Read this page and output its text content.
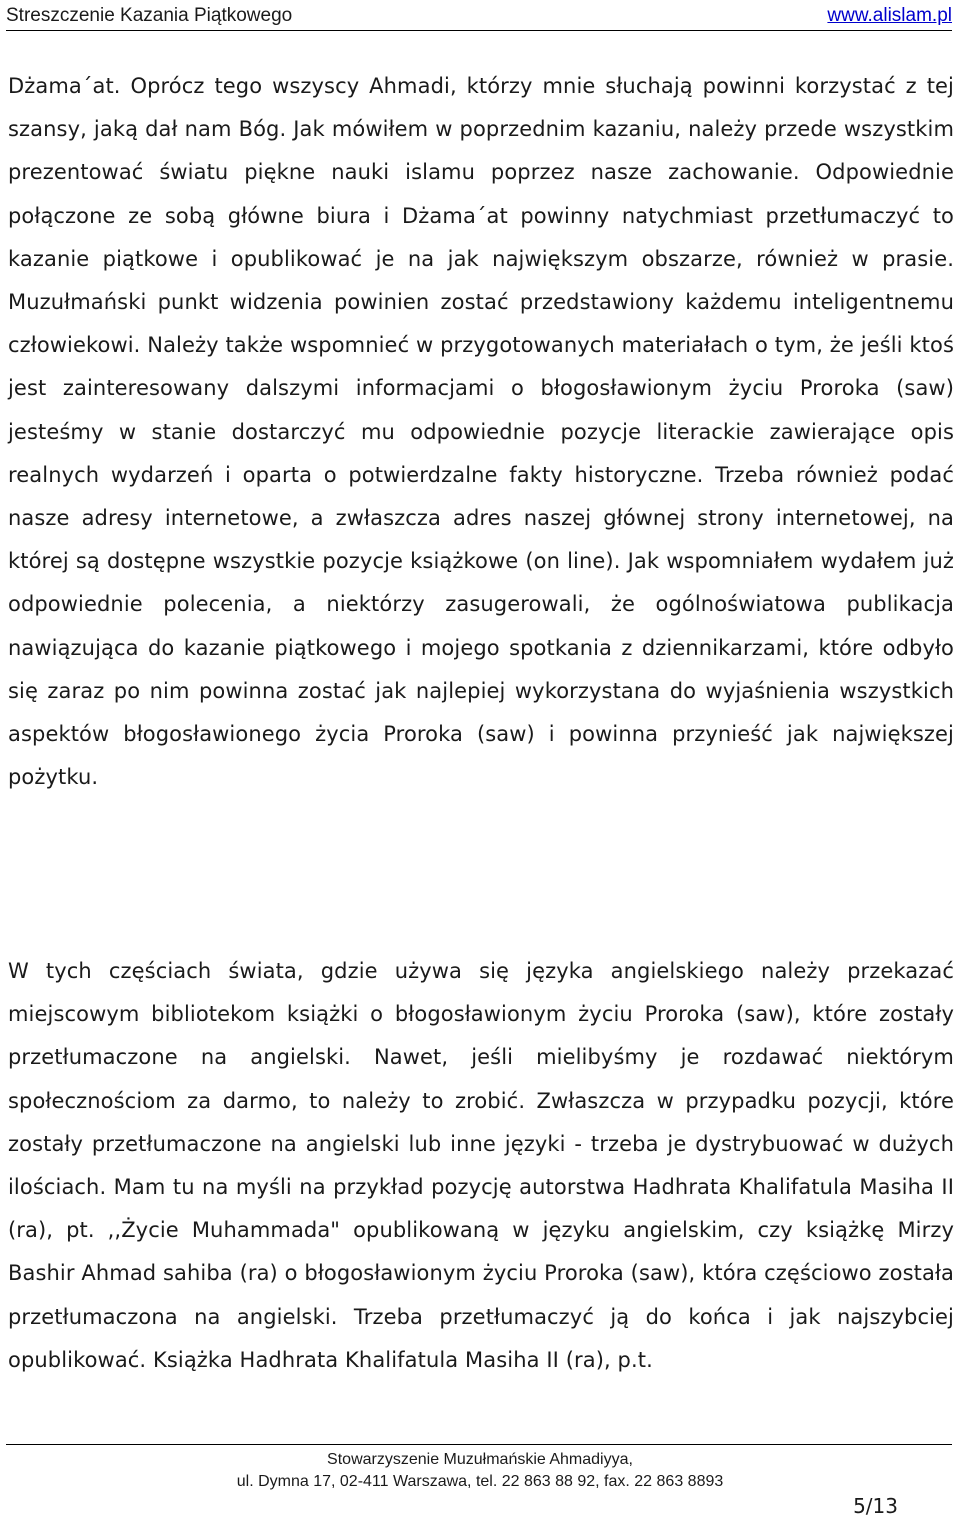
Streszczenie Kazania Piątkowego	www.alislam.pl

Dżama´at. Oprócz tego wszyscy Ahmadi, którzy mnie słuchają powinni korzystać z tej szansy, jaką dał nam Bóg. Jak mówiłem w poprzednim kazaniu, należy przede wszystkim prezentować światu piękne nauki islamu poprzez nasze zachowanie. Odpowiednie połączone ze sobą główne biura i Dżama´at powinny natychmiast przetłumaczyć to kazanie piątkowe i opublikować je na jak największym obszarze, również w prasie. Muzułmański punkt widzenia powinien zostać przedstawiony każdemu inteligentnemu człowiekowi. Należy także wspomnieć w przygotowanych materiałach o tym, że jeśli ktoś jest zainteresowany dalszymi informacjami o błogosławionym życiu Proroka (saw) jesteśmy w stanie dostarczyć mu odpowiednie pozycje literackie zawierające opis realnych wydarzeń i oparta o potwierdzalne fakty historyczne. Trzeba również podać nasze adresy internetowe, a zwłaszcza adres naszej głównej strony internetowej, na której są dostępne wszystkie pozycje książkowe (on line). Jak wspomniałem wydałem już odpowiednie polecenia, a niektórzy zasugerowali, że ogólnoświatowa publikacja nawiązująca do kazanie piątkowego i mojego spotkania z dziennikarzami, które odbyło się zaraz po nim powinna zostać jak najlepiej wykorzystana do wyjaśnienia wszystkich aspektów błogosławionego życia Proroka (saw) i powinna przynieść jak największej pożytku.

W tych częściach świata, gdzie używa się języka angielskiego należy przekazać miejscowym bibliotekom książki o błogosławionym życiu Proroka (saw), które zostały przetłumaczone na angielski. Nawet, jeśli mielibyśmy je rozdawać niektórym społecznościom za darmo, to należy to zrobić. Zwłaszcza w przypadku pozycji, które zostały przetłumaczone na angielski lub inne języki - trzeba je dystrybuować w dużych ilościach. Mam tu na myśli na przykład pozycję autorstwa Hadhrata Khalifatula Masiha II (ra), pt. ,,Życie Muhammada" opublikowaną w języku angielskim, czy książkę Mirzy Bashir Ahmad sahiba (ra) o błogosławionym życiu Proroka (saw), która częściowo została przetłumaczona na angielski. Trzeba przetłumaczyć ją do końca i jak najszybciej opublikować. Książka Hadhrata Khalifatula Masiha II (ra), p.t.

Stowarzyszenie Muzułmańskie Ahmadiyya,
ul. Dymna 17, 02-411 Warszawa, tel. 22 863 88 92, fax. 22 863 8893
5/13
